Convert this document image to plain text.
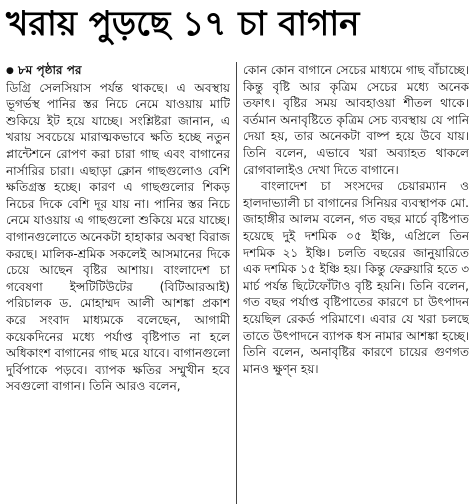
খরায় পুড়ছে ১৭ চা বাগান

● ৮ম পৃষ্ঠার পর

ডিগ্রি সেলসিয়াস পর্যন্ত থাকছে। এ অবস্থায় ভূগর্ভস্থ পানির স্তর নিচে নেমে যাওয়ায় মাটি শুকিয়ে ইট হয়ে যাচ্ছে। সংশ্লিষ্টরা জানান, এ খরায় সবচেয়ে মারাত্মকভাবে ক্ষতি হচ্ছে নতুন প্লান্টেশনে রোপণ করা চারা গাছ এবং বাগানের নার্সারির চারা। এছাড়া ক্লোন গাছগুলোও বেশি ক্ষতিগ্রস্ত হচ্ছে। কারণ এ গাছগুলোর শিকড় নিচের দিকে বেশি দূর যায় না। পানির স্তর নিচে নেমে যাওয়ায় এ গাছগুলো শুকিয়ে মরে যাচ্ছে। বাগানগুলোতে অনেকটা হাহাকার অবস্থা বিরাজ করছে। মালিক-শ্রমিক সকলেই আসমানের দিকে চেয়ে আছেন বৃষ্টির আশায়। বাংলাদেশ চা গবেষণা ইন্সটিটিউটের (বিটিআরআই) পরিচালক ড. মোহাম্মদ আলী আশঙ্কা প্রকাশ করে সংবাদ মাধ্যমকে বলেছেন, আগামী কয়েকদিনের মধ্যে পর্যাপ্ত বৃষ্টিপাত না হলে অধিকাংশ বাগানের গাছ মরে যাবে। বাগানগুলো দুর্বিপাকে পড়বে। ব্যাপক ক্ষতির সম্মুখীন হবে সবগুলো বাগান। তিনি আরও বলেন,

কোন কোন বাগানে সেচের মাধ্যমে গাছ বাঁচাচ্ছে। কিন্তু বৃষ্টি আর কৃত্রিম সেচের মধ্যে অনেক তফাৎ। বৃষ্টির সময় আবহাওয়া শীতল থাকে। বর্তমান অনাবৃষ্টিতে কৃত্রিম সেচ ব্যবস্থায় যে পানি দেয়া হয়, তার অনেকটা বাষ্প হয়ে উবে যায়। তিনি বলেন, এভাবে খরা অব্যাহত থাকলে রোগবালাইও দেখা দিতে বাগানে।

বাংলাদেশ চা সংসদের চেয়ারম্যান ও হালদাভ্যালী চা বাগানের সিনিয়র ব্যবস্থাপক মো. জাহাঙ্গীর আলম বলেন, গত বছর মার্চে বৃষ্টিপাত হয়েছে দুই দশমিক ০৫ ইঞ্চি, এপ্রিলে তিন দশমিক ২১ ইঞ্চি। চলতি বছরের জানুয়ারিতে এক দশমিক ১৫ ইঞ্চি হয়। কিন্তু ফেব্রুয়ারি হতে ৩ মার্চ পর্যন্ত ছিটেফোঁটাও বৃষ্টি হয়নি। তিনি বলেন, গত বছর পর্যাপ্ত বৃষ্টিপাতের কারণে চা উৎপাদন হয়েছিল রেকর্ড পরিমাণে। এবার যে খরা চলছে তাতে উৎপাদনে ব্যাপক ধস নামার আশঙ্কা হচ্ছে। তিনি বলেন, অনাবৃষ্টির কারণে চায়ের গুণগত মানও ক্ষুণ্ন হয়।
